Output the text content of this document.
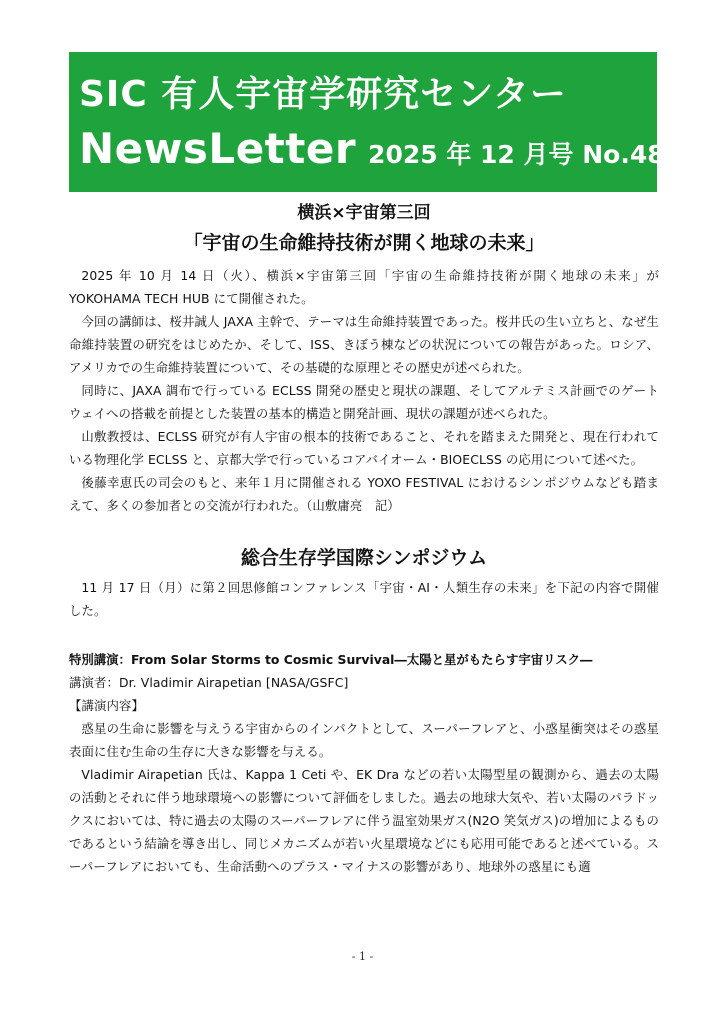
SIC 有人宇宙学研究センター
NewsLetter 2025 年 12 月号 No.48
横浜×宇宙第三回
「宇宙の生命維持技術が開く地球の未来」

2025 年 10 月 14 日（火）、横浜×宇宙第三回「宇宙の生命維持技術が開く地球の未来」が YOKOHAMA TECH HUB にて開催された。

今回の講師は、桜井誠人 JAXA 主幹で、テーマは生命維持装置であった。桜井氏の生い立ちと、なぜ生命維持装置の研究をはじめたか、そして、ISS、きぼう棟などの状況についての報告があった。ロシア、アメリカでの生命維持装置について、その基礎的な原理とその歴史が述べられた。

同時に、JAXA 調布で行っている ECLSS 開発の歴史と現状の課題、そしてアルテミス計画でのゲートウェイへの搭載を前提とした装置の基本的構造と開発計画、現状の課題が述べられた。

山敷教授は、ECLSS 研究が有人宇宙の根本的技術であること、それを踏まえた開発と、現在行われている物理化学 ECLSS と、京都大学で行っているコアバイオーム・BIOECLSS の応用について述べた。

後藤幸恵氏の司会のもと、来年１月に開催される YOXO FESTIVAL におけるシンポジウムなども踏まえて、多くの参加者との交流が行われた。（山敷庸亮　記）

総合生存学国際シンポジウム

11 月 17 日（月）に第２回思修館コンファレンス「宇宙・AI・人類生存の未来」を下記の内容で開催した。

特別講演：From Solar Storms to Cosmic Survival―太陽と星がもたらす宇宙リスク―

講演者：Dr. Vladimir Airapetian [NASA/GSFC]

【講演内容】

惑星の生命に影響を与えうる宇宙からのインパクトとして、スーパーフレアと、小惑星衝突はその惑星表面に住む生命の生存に大きな影響を与える。

Vladimir Airapetian 氏は、Kappa 1 Ceti や、EK Dra などの若い太陽型星の観測から、過去の太陽の活動とそれに伴う地球環境への影響について評価をしました。過去の地球大気や、若い太陽のパラドックスにおいては、特に過去の太陽のスーパーフレアに伴う温室効果ガス(N2O 笑気ガス)の増加によるものであるという結論を導き出し、同じメカニズムが若い火星環境などにも応用可能であると述べている。スーパーフレアにおいても、生命活動へのプラス・マイナスの影響があり、地球外の惑星にも適

- 1 -
